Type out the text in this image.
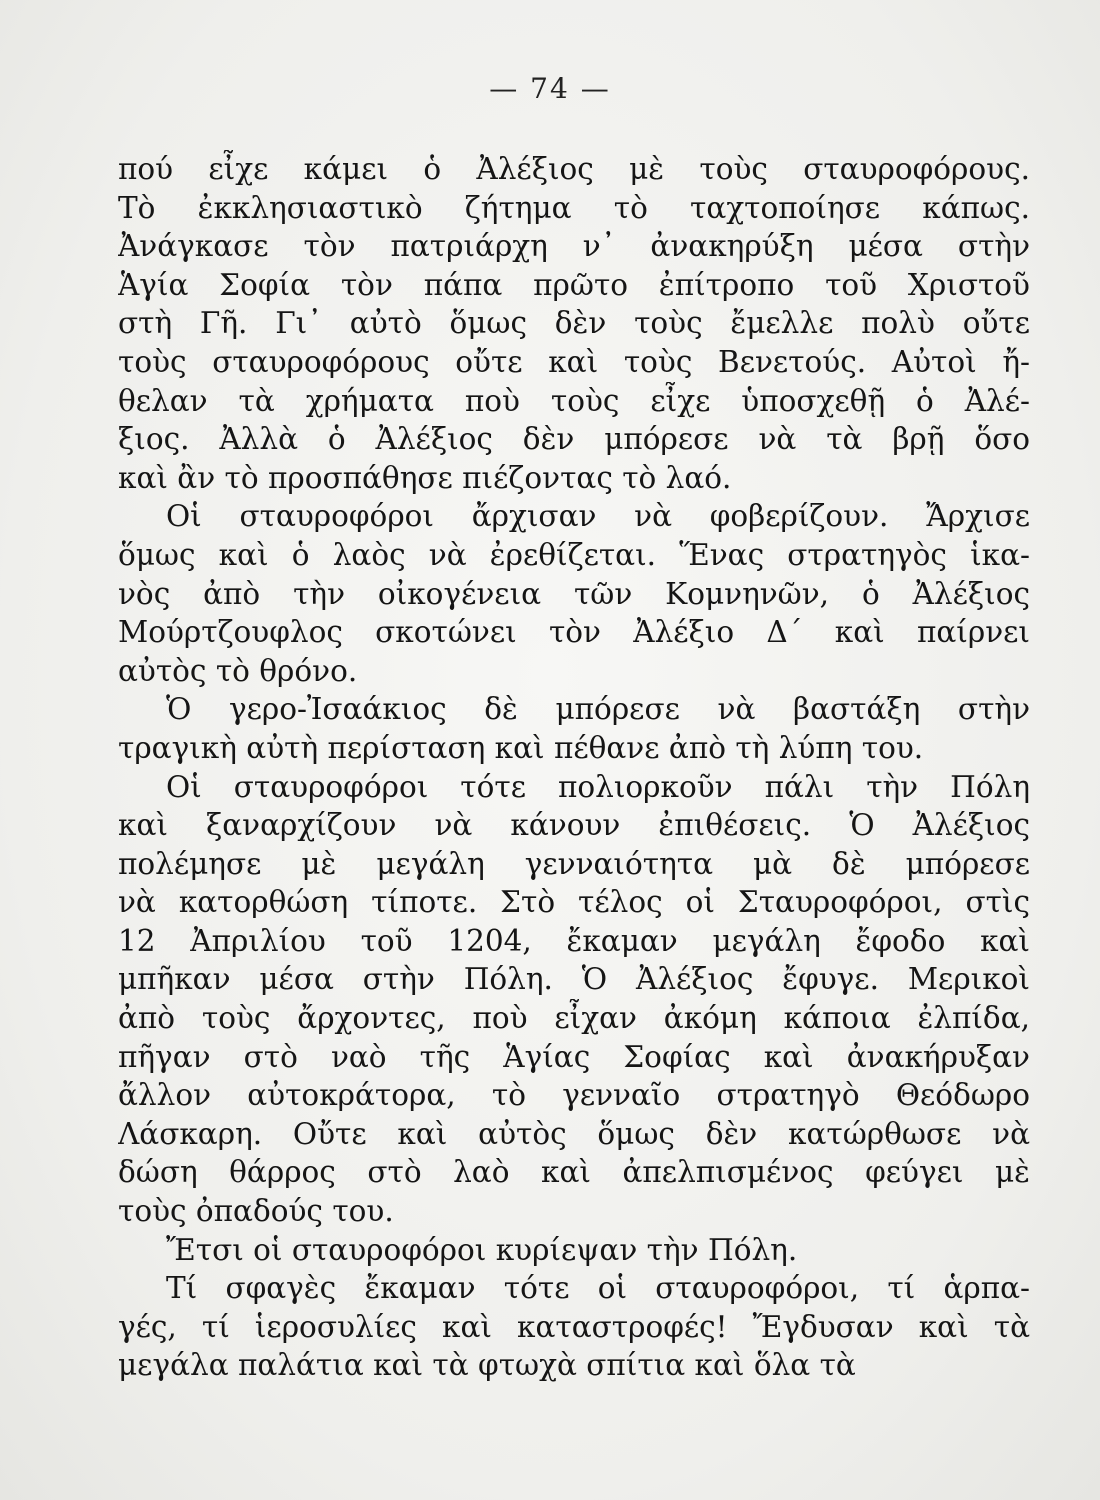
— 74 —
πού εἶχε κάμει ὁ Ἀλέξιος μὲ τοὺς σταυροφόρους.
Τὸ ἐκκλησιαστικὸ ζήτημα τὸ ταχτοποίησε κάπως.
Ἀνάγκασε τὸν πατριάρχη ν᾽ ἀνακηρύξη μέσα στὴν
Ἁγία Σοφία τὸν πάπα πρῶτο ἐπίτροπο τοῦ Χριστοῦ
στὴ Γῆ. Γι᾽ αὐτὸ ὅμως δὲν τοὺς ἔμελλε πολὺ οὔτε
τοὺς σταυροφόρους οὔτε καὶ τοὺς Βενετούς. Αὐτοὶ ἤ-
θελαν τὰ χρήματα ποὺ τοὺς εἶχε ὑποσχεθῇ ὁ Ἀλέ-
ξιος. Ἀλλὰ ὁ Ἀλέξιος δὲν μπόρεσε νὰ τὰ βρῇ ὅσο
καὶ ἂν τὸ προσπάθησε πιέζοντας τὸ λαό.
Οἱ σταυροφόροι ἄρχισαν νὰ φοβερίζουν. Ἄρχισε
ὅμως καὶ ὁ λαὸς νὰ ἐρεθίζεται. Ἕνας στρατηγὸς ἱκα-
νὸς ἀπὸ τὴν οἰκογένεια τῶν Κομνηνῶν, ὁ Ἀλέξιος
Μούρτζουφλος σκοτώνει τὸν Ἀλέξιο Δ΄ καὶ παίρνει
αὐτὸς τὸ θρόνο.
Ὁ γερο-Ἰσαάκιος δὲ μπόρεσε νὰ βαστάξη στὴν
τραγικὴ αὐτὴ περίσταση καὶ πέθανε ἀπὸ τὴ λύπη του.
Οἱ σταυροφόροι τότε πολιορκοῦν πάλι τὴν Πόλη
καὶ ξαναρχίζουν νὰ κάνουν ἐπιθέσεις. Ὁ Ἀλέξιος
πολέμησε μὲ μεγάλη γενναιότητα μὰ δὲ μπόρεσε
νὰ κατορθώση τίποτε. Στὸ τέλος οἱ Σταυροφόροι, στὶς
12 Ἀπριλίου τοῦ 1204, ἔκαμαν μεγάλη ἔφοδο καὶ
μπῆκαν μέσα στὴν Πόλη. Ὁ Ἀλέξιος ἔφυγε. Μερικοὶ
ἀπὸ τοὺς ἄρχοντες, ποὺ εἶχαν ἀκόμη κάποια ἐλπίδα,
πῆγαν στὸ ναὸ τῆς Ἁγίας Σοφίας καὶ ἀνακήρυξαν
ἄλλον αὐτοκράτορα, τὸ γενναῖο στρατηγὸ Θεόδωρο
Λάσκαρη. Οὔτε καὶ αὐτὸς ὅμως δὲν κατώρθωσε νὰ
δώση θάρρος στὸ λαὸ καὶ ἀπελπισμένος φεύγει μὲ
τοὺς ὀπαδούς του.
Ἔτσι οἱ σταυροφόροι κυρίεψαν τὴν Πόλη.
Τί σφαγὲς ἔκαμαν τότε οἱ σταυροφόροι, τί ἁρπα-
γές, τί ἱεροσυλίες καὶ καταστροφές! Ἔγδυσαν καὶ τὰ
μεγάλα παλάτια καὶ τὰ φτωχὰ σπίτια καὶ ὅλα τὰ
